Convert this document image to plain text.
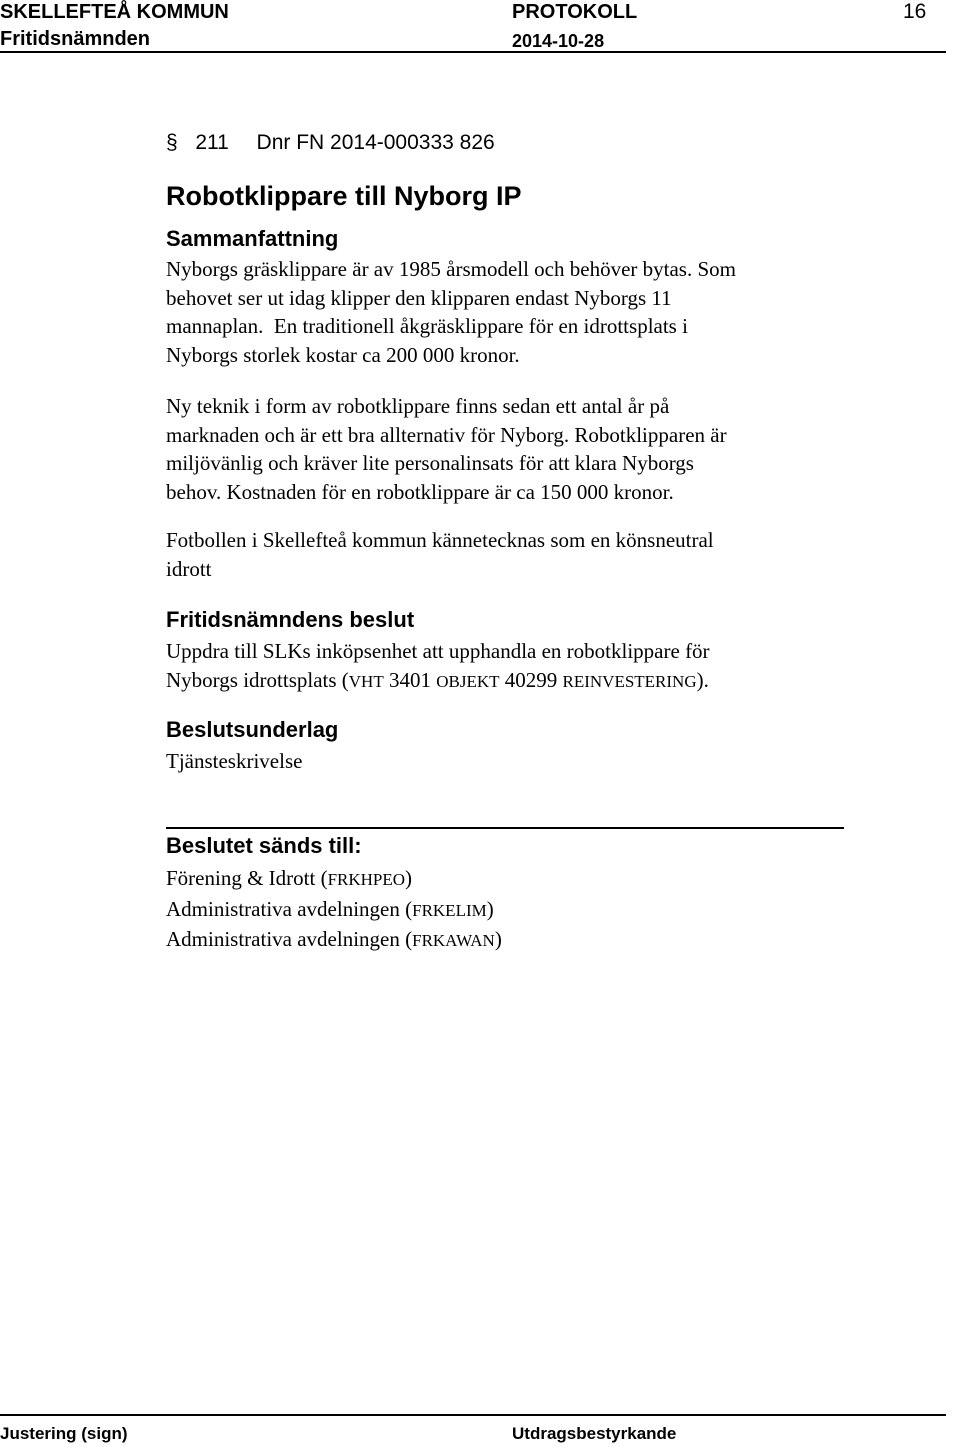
SKELLEFTEÅ KOMMUN
Fritidsnämnden
PROTOKOLL
2014-10-28
16
§ 211 Dnr FN 2014-000333 826
Robotklippare till Nyborg IP
Sammanfattning
Nyborgs gräsklippare är av 1985 årsmodell och behöver bytas. Som
behovet ser ut idag klipper den klipparen endast Nyborgs 11
mannaplan.  En traditionell åkgräsklippare för en idrottsplats i
Nyborgs storlek kostar ca 200 000 kronor.
Ny teknik i form av robotklippare finns sedan ett antal år på
marknaden och är ett bra allternativ för Nyborg. Robotklipparen är
miljövänlig och kräver lite personalinsats för att klara Nyborgs
behov. Kostnaden för en robotklippare är ca 150 000 kronor.
Fotbollen i Skellefteå kommun kännetecknas som en könsneutral
idrott
Fritidsnämndens beslut
Uppdra till SLKs inköpsenhet att upphandla en robotklippare för
Nyborgs idrottsplats (VHT 3401 OBJEKT 40299 REINVESTERING).
Beslutsunderlag
Tjänsteskrivelse
Beslutet sänds till:
Förening & Idrott (FRKHPEO)
Administrativa avdelningen (FRKELIM)
Administrativa avdelningen (FRKAWAN)
Justering (sign)	Utdragsbestyrkande
